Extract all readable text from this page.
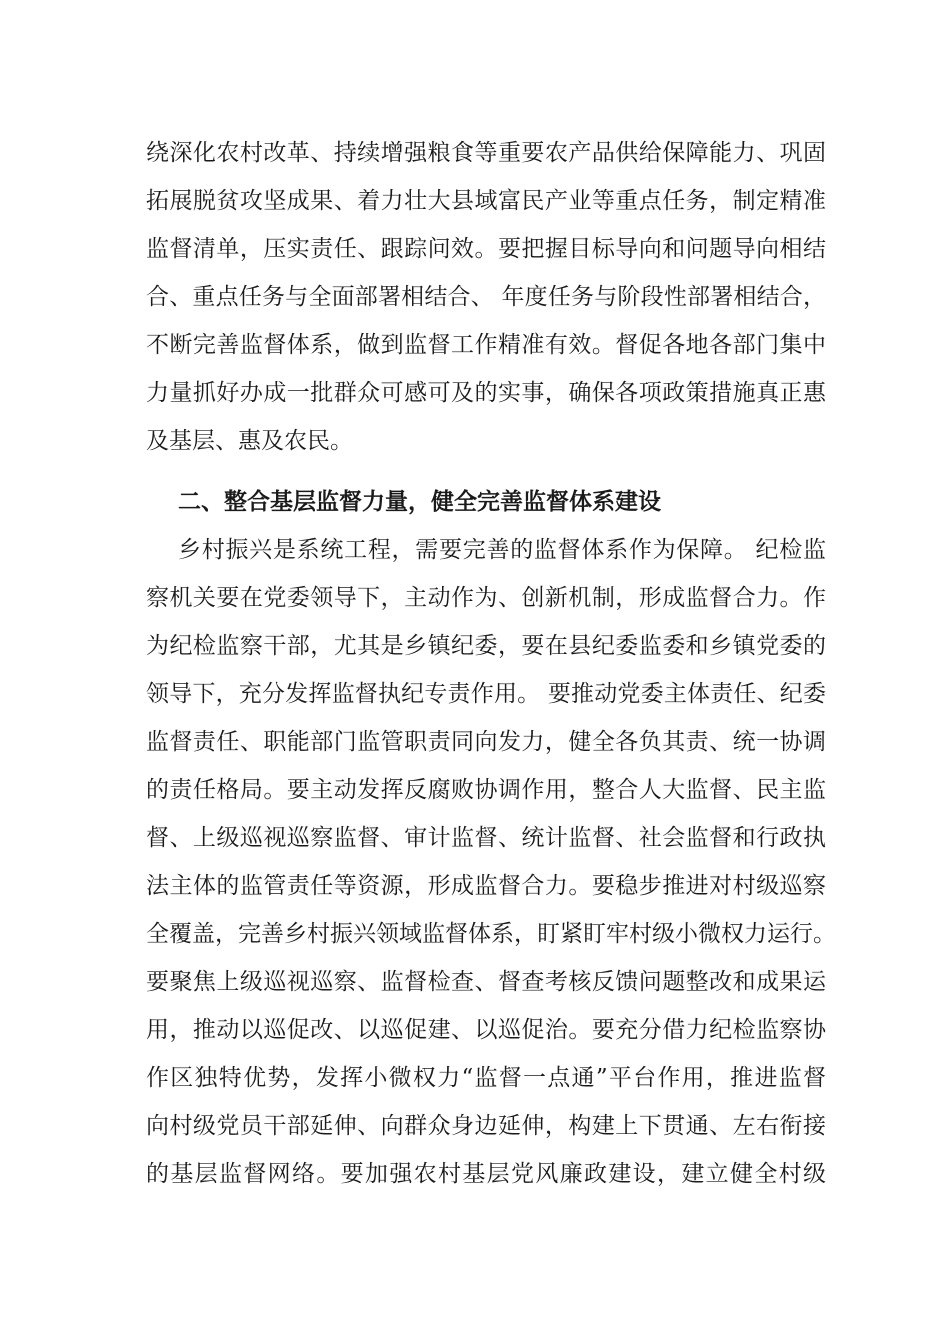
绕深化农村改革、持续增强粮食等重要农产品供给保障能力、巩固
拓展脱贫攻坚成果、着力壮大县域富民产业等重点任务，制定精准
监督清单，压实责任、跟踪问效。要把握目标导向和问题导向相结
合、重点任务与全面部署相结合、 年度任务与阶段性部署相结合，
不断完善监督体系，做到监督工作精准有效。督促各地各部门集中
力量抓好办成一批群众可感可及的实事，确保各项政策措施真正惠
及基层、惠及农民。
二、整合基层监督力量，健全完善监督体系建设
乡村振兴是系统工程，需要完善的监督体系作为保障。 纪检监
察机关要在党委领导下，主动作为、创新机制，形成监督合力。作
为纪检监察干部，尤其是乡镇纪委，要在县纪委监委和乡镇党委的
领导下，充分发挥监督执纪专责作用。 要推动党委主体责任、纪委
监督责任、职能部门监管职责同向发力，健全各负其责、统一协调
的责任格局。要主动发挥反腐败协调作用，整合人大监督、民主监
督、上级巡视巡察监督、审计监督、统计监督、社会监督和行政执
法主体的监管责任等资源，形成监督合力。要稳步推进对村级巡察
全覆盖，完善乡村振兴领域监督体系，盯紧盯牢村级小微权力运行。
要聚焦上级巡视巡察、监督检查、督查考核反馈问题整改和成果运
用，推动以巡促改、以巡促建、以巡促治。要充分借力纪检监察协
作区独特优势，发挥小微权力“监督一点通”平台作用，推进监督
向村级党员干部延伸、向群众身边延伸，构建上下贯通、左右衔接
的基层监督网络。要加强农村基层党风廉政建设，建立健全村级
